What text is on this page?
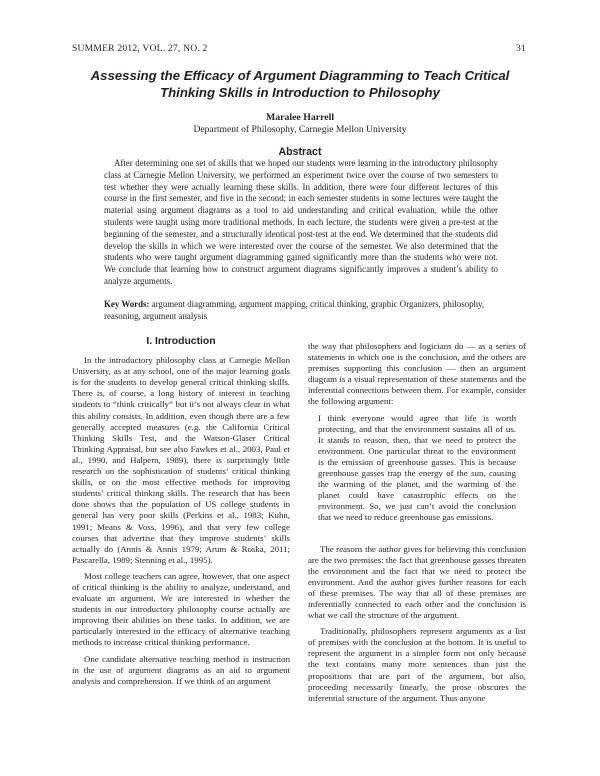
SUMMER 2012, VOL. 27, NO. 2	31
Assessing the Efficacy of Argument Diagramming to Teach Critical Thinking Skills in Introduction to Philosophy
Maralee Harrell
Department of Philosophy, Carnegie Mellon University
Abstract

After determining one set of skills that we hoped our students were learning in the introductory philosophy class at Carnegie Mellon University, we performed an experiment twice over the course of two semesters to test whether they were actually learning these skills. In addition, there were four different lectures of this course in the first semester, and five in the second; in each semester students in some lectures were taught the material using argument diagrams as a tool to aid understanding and critical evaluation, while the other students were taught using more traditional methods. In each lecture, the students were given a pre-test at the beginning of the semester, and a structurally identical post-test at the end. We determined that the students did develop the skills in which we were interested over the course of the semester. We also determined that the students who were taught argument diagramming gained significantly more than the students who were not. We conclude that learning how to construct argument diagrams significantly improves a student’s ability to analyze arguments.

Key Words: argument diagramming, argument mapping, critical thinking, graphic Organizers, philosophy, reasoning, argument analysis

I. Introduction

In the introductory philosophy class at Carnegie Mellon University, as at any school, one of the major learning goals is for the students to develop general critical thinking skills. There is, of course, a long history of interest in teaching students to “think critically” but it’s not always clear in what this ability consists. In addition, even though there are a few generally accepted measures (e.g. the California Critical Thinking Skills Test, and the Watson-Glaser Critical Thinking Appraisal, but see also Fawkes et al., 2003, Paul et al., 1990, and Halpern, 1989), there is surprisingly little research on the sophistication of students’ critical thinking skills, or on the most effective methods for improving students’ critical thinking skills. The research that has been done shows that the population of US college students in general has very poor skills (Perkins et al., 1983; Kuhn, 1991; Means & Voss, 1996), and that very few college courses that advertise that they improve students’ skills actually do (Annis & Annis 1979; Arum & Roska, 2011; Pascarella, 1989; Stenning et al., 1995).

Most college teachers can agree, however, that one aspect of critical thinking is the ability to analyze, understand, and evaluate an argument. We are interested in whether the students in our introductory philosophy course actually are improving their abilities on these tasks. In addition, we are particularly interested in the efficacy of alternative teaching methods to increase critical thinking performance.

One candidate alternative teaching method is instruction in the use of argument diagrams as an aid to argument analysis and comprehension. If we think of an argument

the way that philosophers and logicians do — as a series of statements in which one is the conclusion, and the others are premises supporting this conclusion — then an argument diagram is a visual representation of these statements and the inferential connections between them. For example, consider the following argument:

I think everyone would agree that life is worth protecting, and that the environment sustains all of us. It stands to reason, then, that we need to protect the environment. One particular threat to the environment is the emission of greenhouse gasses. This is because greenhouse gasses trap the energy of the sun, causing the warming of the planet, and the warming of the planet could have catastrophic effects on the environment. So, we just can’t avoid the conclusion that we need to reduce greenhouse gas emissions.

The reasons the author gives for believing this conclusion are the two premises: the fact that greenhouse gasses threaten the environment and the fact that we need to protect the environment. And the author gives further reasons for each of these premises. The way that all of these premises are inferentially connected to each other and the conclusion is what we call the structure of the argument.

Traditionally, philosophers represent arguments as a list of premises with the conclusion at the bottom. It is useful to represent the argument in a simpler form not only because the text contains many more sentences than just the propositions that are part of the argument, but also, proceeding necessarily linearly, the prose obscures the inferential structure of the argument. Thus anyone
